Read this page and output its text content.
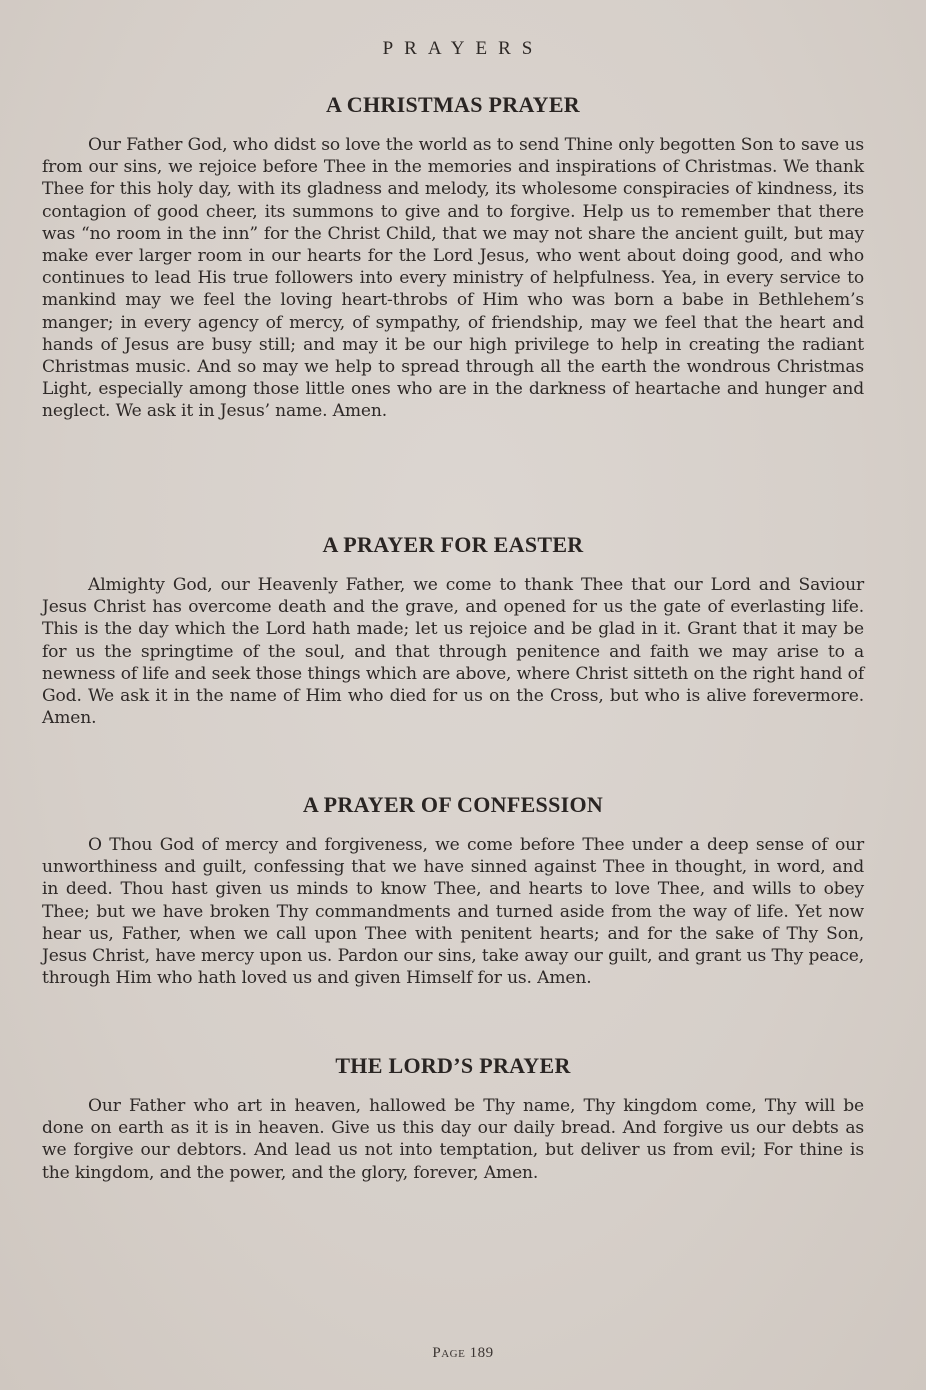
PRAYERS
A CHRISTMAS PRAYER

Our Father God, who didst so love the world as to send Thine only begotten Son to save us from our sins, we rejoice before Thee in the memories and inspirations of Christmas. We thank Thee for this holy day, with its gladness and melody, its wholesome conspiracies of kindness, its contagion of good cheer, its summons to give and to forgive. Help us to remember that there was “no room in the inn” for the Christ Child, that we may not share the ancient guilt, but may make ever larger room in our hearts for the Lord Jesus, who went about doing good, and who continues to lead His true followers into every ministry of helpfulness. Yea, in every service to mankind may we feel the loving heart-throbs of Him who was born a babe in Bethlehem’s manger; in every agency of mercy, of sympathy, of friendship, may we feel that the heart and hands of Jesus are busy still; and may it be our high privilege to help in creating the radiant Christmas music. And so may we help to spread through all the earth the wondrous Christmas Light, especially among those little ones who are in the darkness of heartache and hunger and neglect. We ask it in Jesus’ name. Amen.

A PRAYER FOR EASTER

Almighty God, our Heavenly Father, we come to thank Thee that our Lord and Saviour Jesus Christ has overcome death and the grave, and opened for us the gate of everlasting life. This is the day which the Lord hath made; let us rejoice and be glad in it. Grant that it may be for us the springtime of the soul, and that through penitence and faith we may arise to a newness of life and seek those things which are above, where Christ sitteth on the right hand of God. We ask it in the name of Him who died for us on the Cross, but who is alive forevermore. Amen.

A PRAYER OF CONFESSION

O Thou God of mercy and forgiveness, we come before Thee under a deep sense of our unworthiness and guilt, confessing that we have sinned against Thee in thought, in word, and in deed. Thou hast given us minds to know Thee, and hearts to love Thee, and wills to obey Thee; but we have broken Thy commandments and turned aside from the way of life. Yet now hear us, Father, when we call upon Thee with penitent hearts; and for the sake of Thy Son, Jesus Christ, have mercy upon us. Pardon our sins, take away our guilt, and grant us Thy peace, through Him who hath loved us and given Himself for us. Amen.

THE LORD’S PRAYER

Our Father who art in heaven, hallowed be Thy name, Thy kingdom come, Thy will be done on earth as it is in heaven. Give us this day our daily bread. And forgive us our debts as we forgive our debtors. And lead us not into temptation, but deliver us from evil; For thine is the kingdom, and the power, and the glory, forever, Amen.

Page 189
